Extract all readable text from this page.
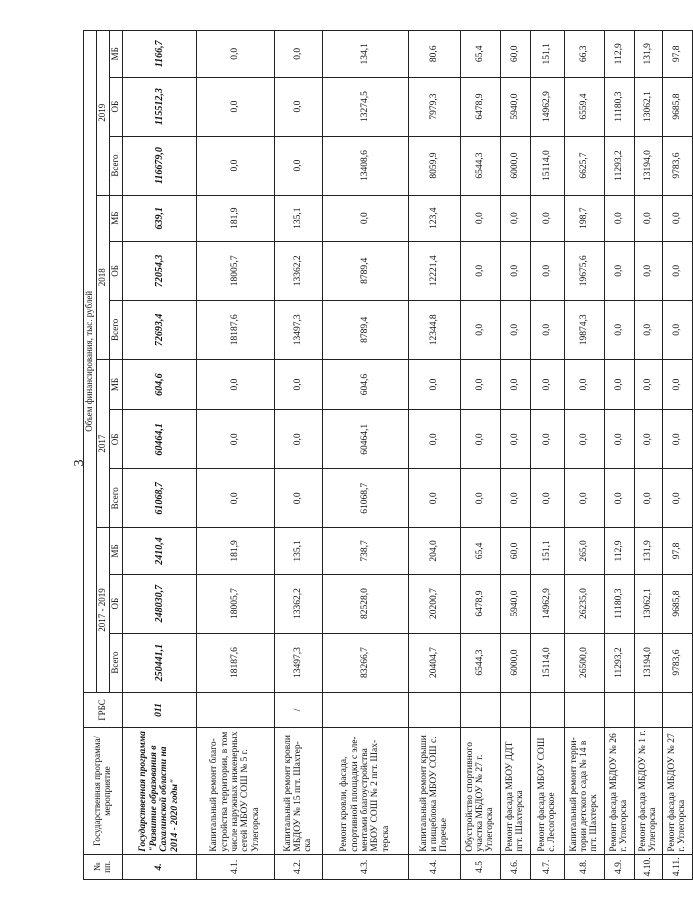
3
№ пп.	Государственная программа/мероприятие	ГРБС	Объем финансирования, тыс. рублей											
			2017 - 2019			2017			2018			2019		
			Всего	ОБ	МБ	Всего	ОБ	МБ	Всего	ОБ	МБ	Всего	ОБ	МБ
4.	Государственная программа "Развитие образования в Сахалинской области на 2014 - 2020 годы"	011	250441,1	248030,7	2410,4	61068,7	60464,1	604,6	72693,4	72054,3	639,1	116679,0	115512,3	1166,7
4.1.	Капитальный ремонт благо-устройства территории, в том числе наружных инженерных сетей МБОУ СОШ № 5 г. Углегорска		18187,6	18005,7	181,9	0,0	0,0	0,0	18187,6	18005,7	181,9	0,0	0,0	0,0
4.2.	Капитальный ремонт кровли МБДОУ № 15 пгт. Шахтер-ска	/	13497,3	13362,2	135,1	0,0	0,0	0,0	13497,3	13362,2	135,1	0,0	0,0	0,0
4.3.	Ремонт кровли, фасада, спортивной площадки с эле-ментами благоустройства МБОУ СОШ № 2 пгт. Шах-терска		83266,7	82528,0	738,7	61068,7	60464,1	604,6	8789,4	8789,4	0,0	13408,6	13274,5	134,1
4.4.	Капитальный ремонт крыши и пищеблока МБОУ СОШ с. Поречье		20404,7	20200,7	204,0	0,0	0,0	0,0	12344,8	12221,4	123,4	8059,9	7979,3	80,6
4.5	Обустройство спортивного участка МБДОУ № 27 г. Углегорска		6544,3	6478,9	65,4	0,0	0,0	0,0	0,0	0,0	0,0	6544,3	6478,9	65,4
4.6.	Ремонт фасада МБОУ ДДТ пгт. Шахтерска		6000,0	5940,0	60,0	0,0	0,0	0,0	0,0	0,0	0,0	6000,0	5940,0	60,0
4.7.	Ремонт фасада МБОУ СОШ с. Лесогорское		15114,0	14962,9	151,1	0,0	0,0	0,0	0,0	0,0	0,0	15114,0	14962,9	151,1
4.8.	Капитальный ремонт терри-тории детского сада № 14 в пгт. Шахтерск		26500,0	26235,0	265,0	0,0	0,0	0,0	19874,3	19675,6	198,7	6625,7	6559,4	66,3
4.9.	Ремонт фасада МБДОУ № 26 г. Углегорска		11293,2	11180,3	112,9	0,0	0,0	0,0	0,0	0,0	0,0	11293,2	11180,3	112,9
4.10.	Ремонт фасада МБДОУ № 1 г. Углегорска		13194,0	13062,1	131,9	0,0	0,0	0,0	0,0	0,0	0,0	13194,0	13062,1	131,9
4.11.	Ремонт фасада МБДОУ № 27 г. Углегорска		9783,6	9685,8	97,8	0,0	0,0	0,0	0,0	0,0	0,0	9783,6	9685,8	97,8
